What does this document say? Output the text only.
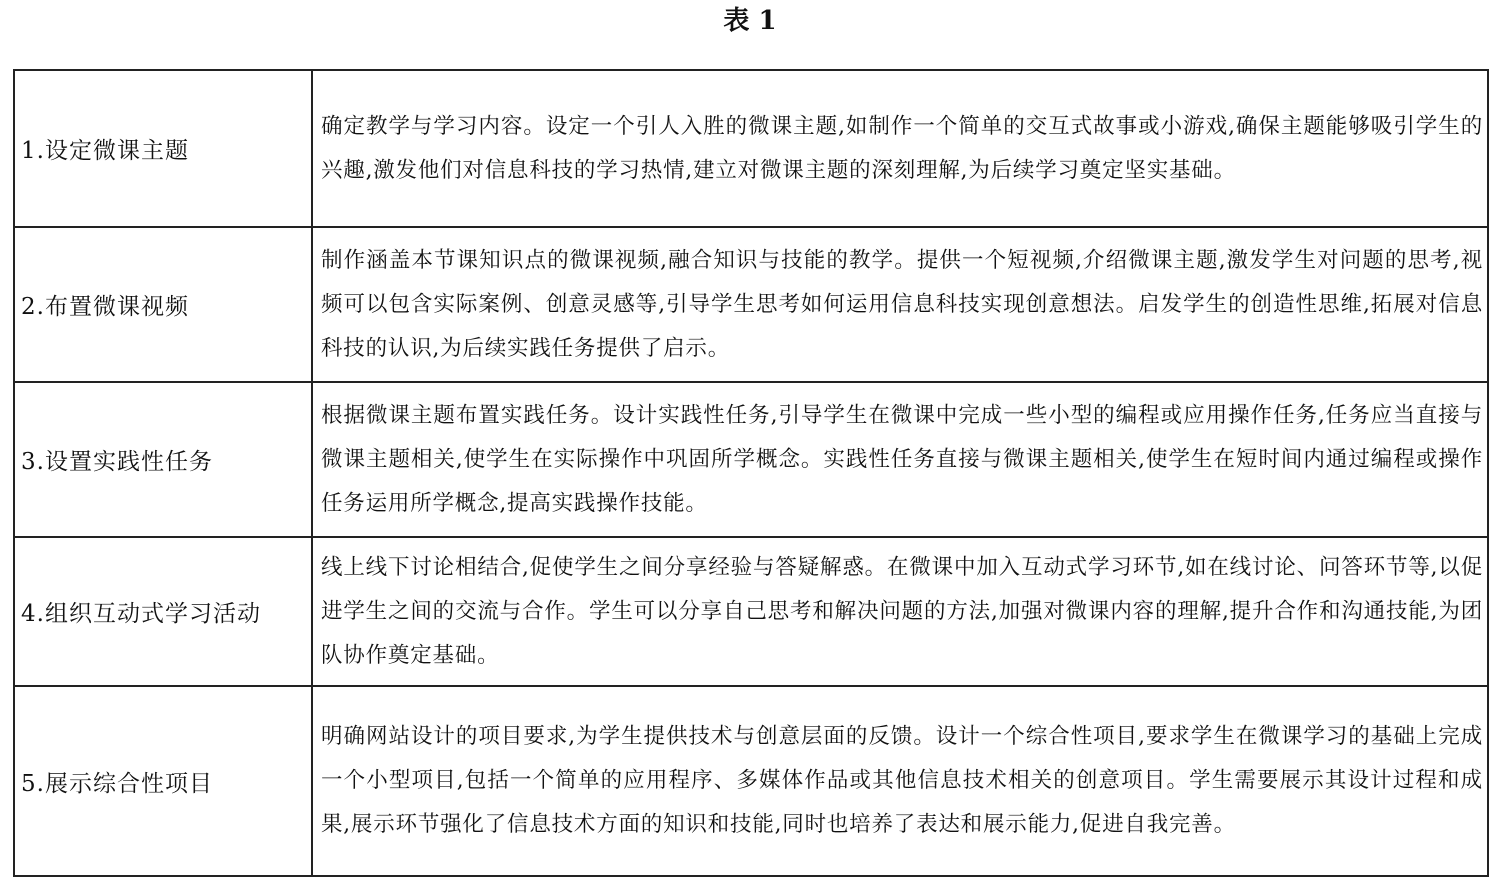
表 1
1.设定微课主题	确定教学与学习内容。设定一个引人入胜的微课主题,如制作一个简单的交互式故事或小游戏,确保主题能够吸引学生的兴趣,激发他们对信息科技的学习热情,建立对微课主题的深刻理解,为后续学习奠定坚实基础。
2.布置微课视频	制作涵盖本节课知识点的微课视频,融合知识与技能的教学。提供一个短视频,介绍微课主题,激发学生对问题的思考,视频可以包含实际案例、创意灵感等,引导学生思考如何运用信息科技实现创意想法。启发学生的创造性思维,拓展对信息科技的认识,为后续实践任务提供了启示。
3.设置实践性任务	根据微课主题布置实践任务。设计实践性任务,引导学生在微课中完成一些小型的编程或应用操作任务,任务应当直接与微课主题相关,使学生在实际操作中巩固所学概念。实践性任务直接与微课主题相关,使学生在短时间内通过编程或操作任务运用所学概念,提高实践操作技能。
4.组织互动式学习活动	线上线下讨论相结合,促使学生之间分享经验与答疑解惑。在微课中加入互动式学习环节,如在线讨论、问答环节等,以促进学生之间的交流与合作。学生可以分享自己思考和解决问题的方法,加强对微课内容的理解,提升合作和沟通技能,为团队协作奠定基础。
5.展示综合性项目	明确网站设计的项目要求,为学生提供技术与创意层面的反馈。设计一个综合性项目,要求学生在微课学习的基础上完成一个小型项目,包括一个简单的应用程序、多媒体作品或其他信息技术相关的创意项目。学生需要展示其设计过程和成果,展示环节强化了信息技术方面的知识和技能,同时也培养了表达和展示能力,促进自我完善。
